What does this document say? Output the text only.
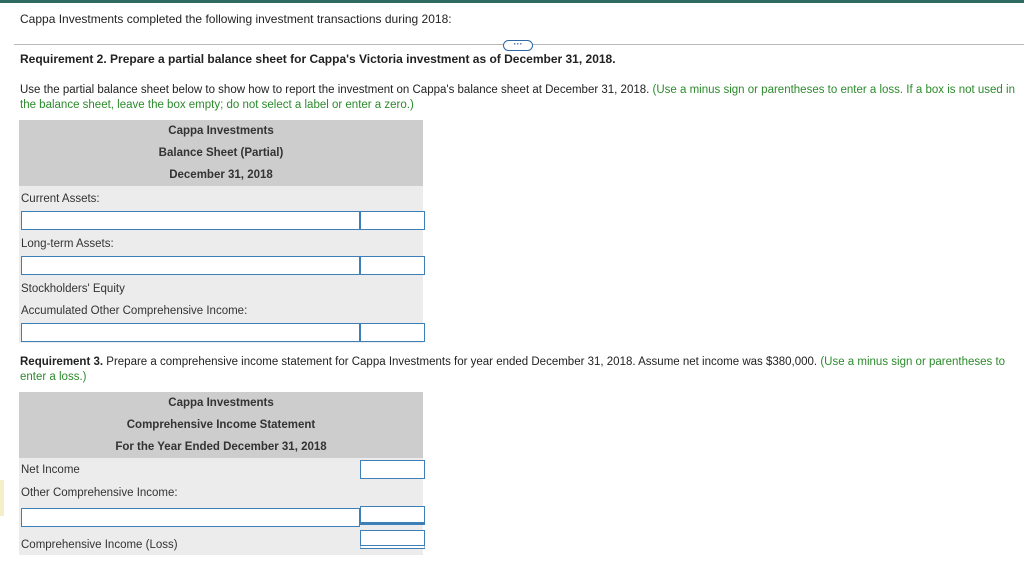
Cappa Investments completed the following investment transactions during 2018:
···
Requirement 2. Prepare a partial balance sheet for Cappa's Victoria investment as of December 31, 2018.
Use the partial balance sheet below to show how to report the investment on Cappa's balance sheet at December 31, 2018. (Use a minus sign or parentheses to enter a loss. If a box is not used in the balance sheet, leave the box empty; do not select a label or enter a zero.)
Cappa Investments
Balance Sheet (Partial)
December 31, 2018
Current Assets:
Long-term Assets:
Stockholders' Equity
Accumulated Other Comprehensive Income:
Requirement 3. Prepare a comprehensive income statement for Cappa Investments for year ended December 31, 2018. Assume net income was $380,000. (Use a minus sign or parentheses to enter a loss.)
Cappa Investments
Comprehensive Income Statement
For the Year Ended December 31, 2018
Net Income
Other Comprehensive Income:
Comprehensive Income (Loss)
